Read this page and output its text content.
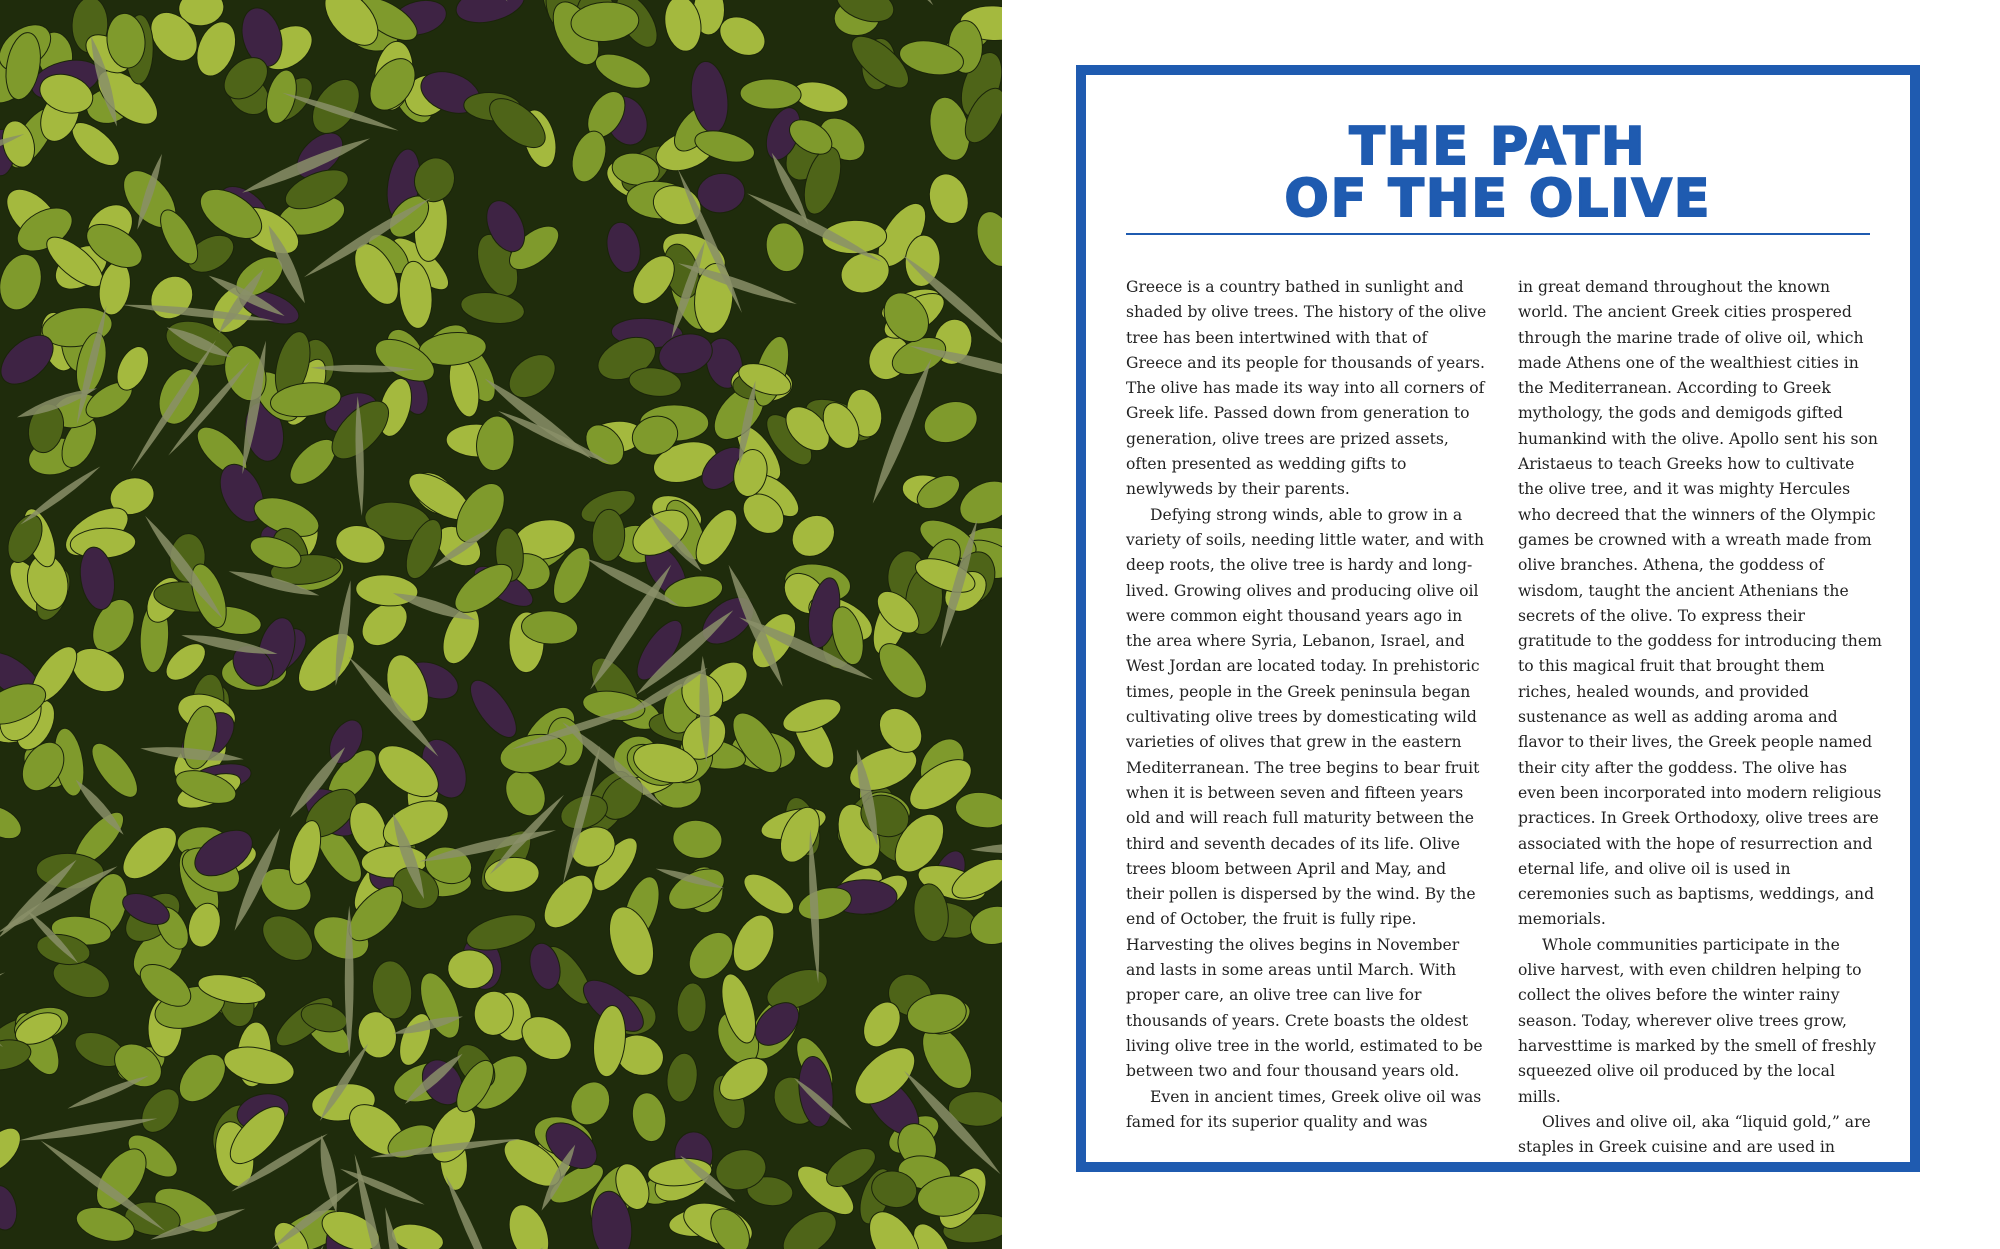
THE PATH
OF THE OLIVE

Greece is a country bathed in sunlight and shaded by olive trees. The history of the olive tree has been intertwined with that of Greece and its people for thousands of years. The olive has made its way into all corners of Greek life. Passed down from generation to generation, olive trees are prized assets, often presented as wedding gifts to newlyweds by their parents.

Defying strong winds, able to grow in a variety of soils, needing little water, and with deep roots, the olive tree is hardy and long-lived. Growing olives and producing olive oil were common eight thousand years ago in the area where Syria, Lebanon, Israel, and West Jordan are located today. In prehistoric times, people in the Greek peninsula began cultivating olive trees by domesticating wild varieties of olives that grew in the eastern Mediterranean. The tree begins to bear fruit when it is between seven and fifteen years old and will reach full maturity between the third and seventh decades of its life. Olive trees bloom between April and May, and their pollen is dispersed by the wind. By the end of October, the fruit is fully ripe. Harvesting the olives begins in November and lasts in some areas until March. With proper care, an olive tree can live for thousands of years. Crete boasts the oldest living olive tree in the world, estimated to be between two and four thousand years old.

Even in ancient times, Greek olive oil was famed for its superior quality and was

in great demand throughout the known world. The ancient Greek cities prospered through the marine trade of olive oil, which made Athens one of the wealthiest cities in the Mediterranean. According to Greek mythology, the gods and demigods gifted humankind with the olive. Apollo sent his son Aristaeus to teach Greeks how to cultivate the olive tree, and it was mighty Hercules who decreed that the winners of the Olympic games be crowned with a wreath made from olive branches. Athena, the goddess of wisdom, taught the ancient Athenians the secrets of the olive. To express their gratitude to the goddess for introducing them to this magical fruit that brought them riches, healed wounds, and provided sustenance as well as adding aroma and flavor to their lives, the Greek people named their city after the goddess. The olive has even been incorporated into modern religious practices. In Greek Orthodoxy, olive trees are associated with the hope of resurrection and eternal life, and olive oil is used in ceremonies such as baptisms, weddings, and memorials.

Whole communities participate in the olive harvest, with even children helping to collect the olives before the winter rainy season. Today, wherever olive trees grow, harvesttime is marked by the smell of freshly squeezed olive oil produced by the local mills.

Olives and olive oil, aka “liquid gold,” are staples in Greek cuisine and are used in
